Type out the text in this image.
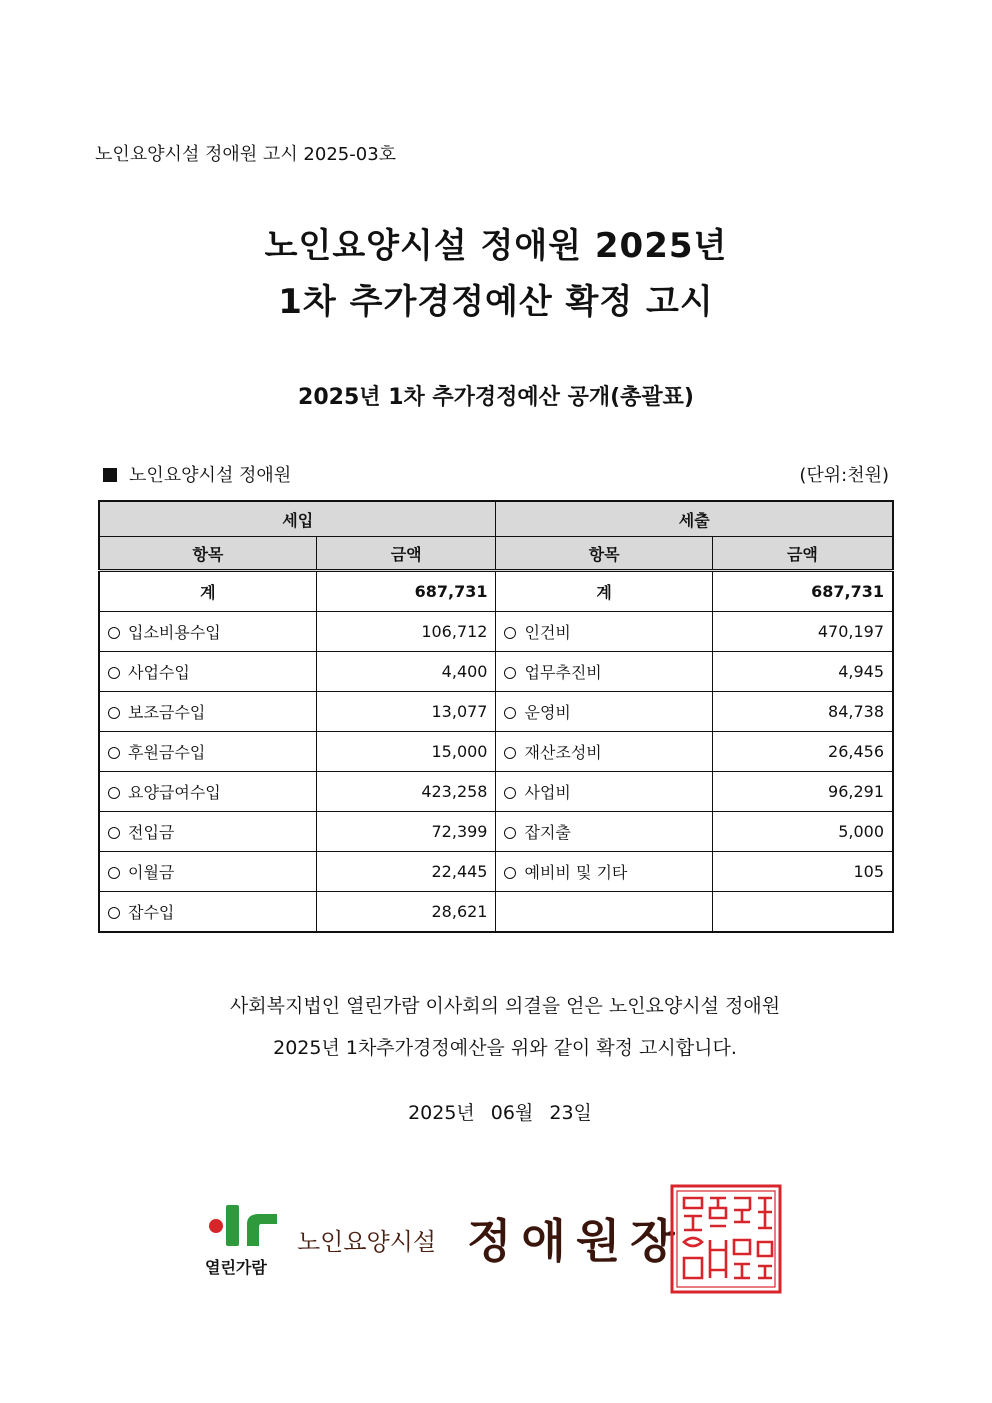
노인요양시설 정애원 고시 2025-03호
노인요양시설 정애원 2025년
1차 추가경정예산 확정 고시
2025년 1차 추가경정예산 공개(총괄표)
노인요양시설 정애원	(단위:천원)
세입		세출	
항목	금액	항목	금액
계	687,731	계	687,731
입소비용수입	106,712	인건비	470,197
사업수입	4,400	업무추진비	4,945
보조금수입	13,077	운영비	84,738
후원금수입	15,000	재산조성비	26,456
요양급여수입	423,258	사업비	96,291
전입금	72,399	잡지출	5,000
이월금	22,445	예비비 및 기타	105
잡수입	28,621		
사회복지법인 열린가람 이사회의 의결을 얻은 노인요양시설 정애원
2025년 1차추가경정예산을 위와 같이 확정 고시합니다.
2025년 06월 23일
열린가람
노인요양시설 정애원장
